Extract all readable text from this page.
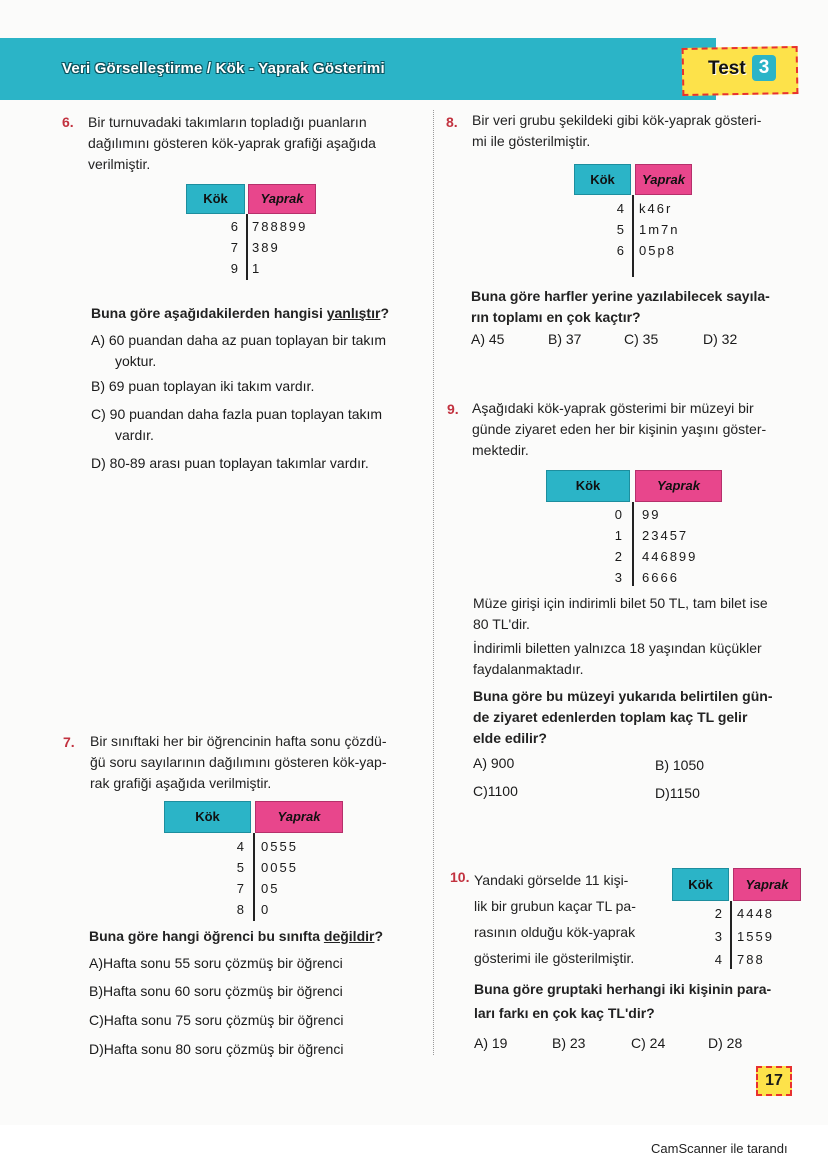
Veri Görselleştirme / Kök - Yaprak Gösterimi	Test 3
6. Bir turnuvadaki takımların topladığı puanların
dağılımını gösteren kök-yaprak grafiği aşağıda
verilmiştir.
Kök	Yaprak
6 788899
7 389
9 1
Buna göre aşağıdakilerden hangisi yanlıştır?
A) 60 puandan daha az puan toplayan bir takım
yoktur.
B) 69 puan toplayan iki takım vardır.
C) 90 puandan daha fazla puan toplayan takım
vardır.
D) 80-89 arası puan toplayan takımlar vardır.
7. Bir sınıftaki her bir öğrencinin hafta sonu çözdü-
ğü soru sayılarının dağılımını gösteren kök-yap-
rak grafiği aşağıda verilmiştir.
Kök	Yaprak
4 0555
5 0055
7 05
8 0
Buna göre hangi öğrenci bu sınıfta değildir?
A)Hafta sonu 55 soru çözmüş bir öğrenci
B)Hafta sonu 60 soru çözmüş bir öğrenci
C)Hafta sonu 75 soru çözmüş bir öğrenci
D)Hafta sonu 80 soru çözmüş bir öğrenci
8. Bir veri grubu şekildeki gibi kök-yaprak gösteri-
mi ile gösterilmiştir.
Kök	Yaprak
4 k46r
5 1m7n
6 05p8
Buna göre harfler yerine yazılabilecek sayıla-
rın toplamı en çok kaçtır?
A) 45	B) 37	C) 35	D) 32
9. Aşağıdaki kök-yaprak gösterimi bir müzeyi bir
günde ziyaret eden her bir kişinin yaşını göster-
mektedir.
Kök	Yaprak
0 99
1 23457
2 446899
3 6666
Müze girişi için indirimli bilet 50 TL, tam bilet ise
80 TL'dir.
İndirimli biletten yalnızca 18 yaşından küçükler
faydalanmaktadır.
Buna göre bu müzeyi yukarıda belirtilen gün-
de ziyaret edenlerden toplam kaç TL gelir
elde edilir?
A) 900	B) 1050
C)1100	D)1150
10. Yandaki görselde 11 kişi-
lik bir grubun kaçar TL pa-
rasının olduğu kök-yaprak
gösterimi ile gösterilmiştir.
Kök	Yaprak
2 4448
3 1559
4 788
Buna göre gruptaki herhangi iki kişinin para-
ları farkı en çok kaç TL'dir?
A) 19	B) 23	C) 24	D) 28
17
CamScanner ile tarandı
